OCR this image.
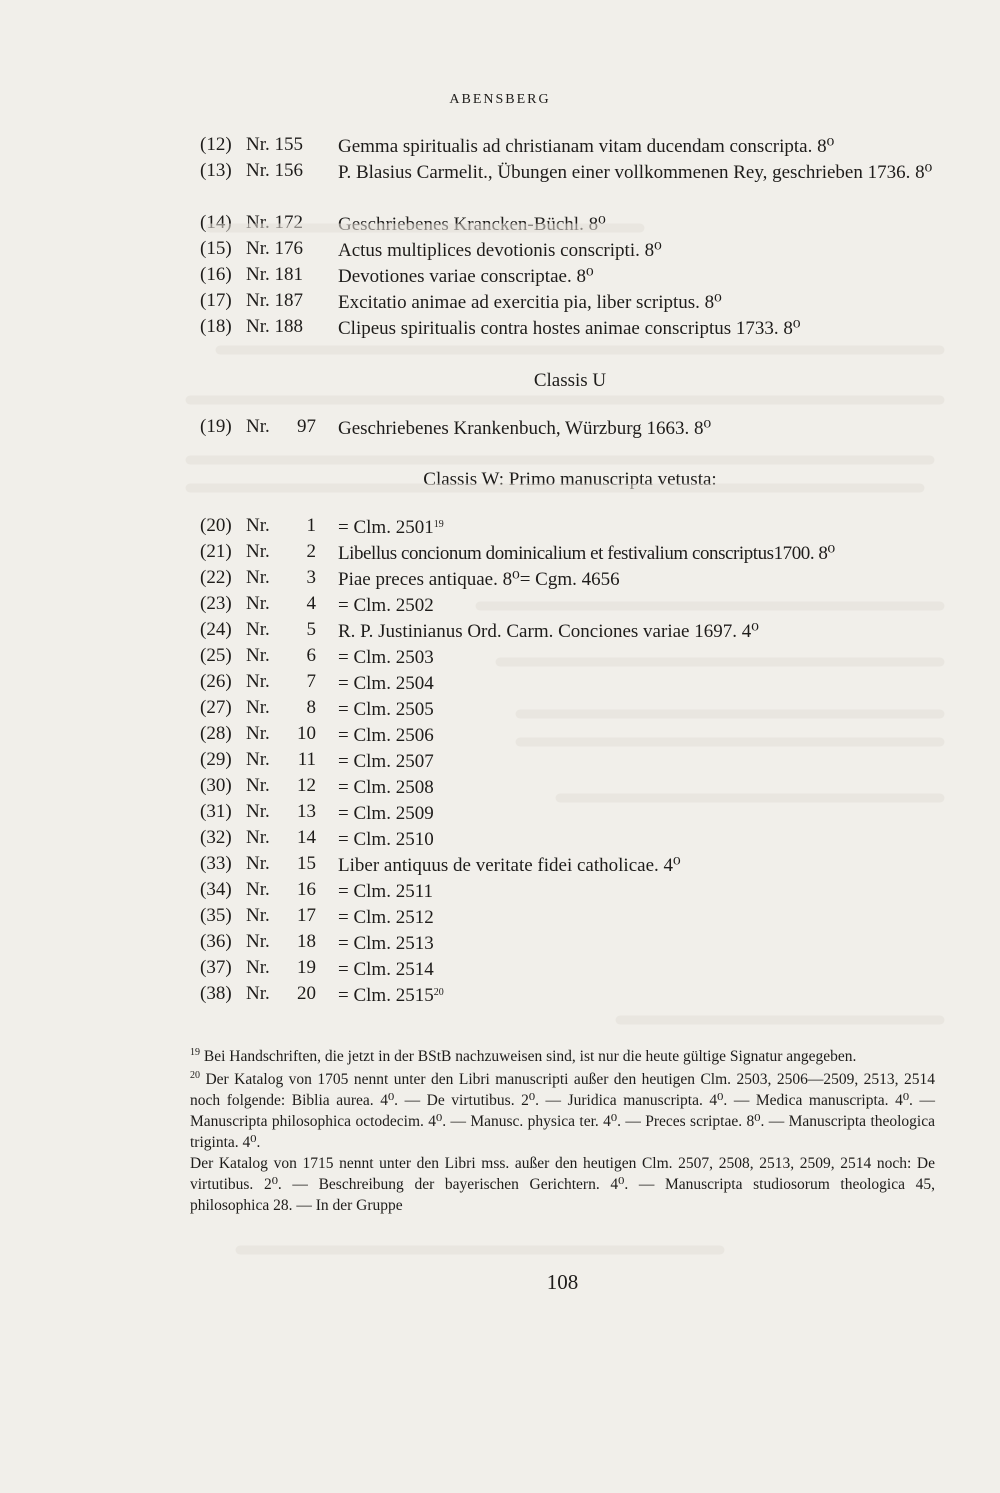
ABENSBERG
(12) Nr. 155 Gemma spiritualis ad christianam vitam ducendam conscripta. 8⁰
(13) Nr. 156 P. Blasius Carmelit., Übungen einer vollkommenen Rey, geschrieben 1736. 8⁰
(14) Nr. 172 Geschriebenes Krancken-Büchl. 8⁰
(15) Nr. 176 Actus multiplices devotionis conscripti. 8⁰
(16) Nr. 181 Devotiones variae conscriptae. 8⁰
(17) Nr. 187 Excitatio animae ad exercitia pia, liber scriptus. 8⁰
(18) Nr. 188 Clipeus spiritualis contra hostes animae conscriptus 1733. 8⁰
Classis U
(19) Nr.	97 Geschriebenes Krankenbuch, Würzburg 1663. 8⁰
Classis W: Primo manuscripta vetusta:
(20) Nr.	1 = Clm. 2501$^{19}$
(21) Nr.	2 Libellus concionum dominicalium et festivalium conscriptus1700. 8⁰
(22) Nr.	3 Piae preces antiquae. 8⁰= Cgm. 4656
(23) Nr.	4 = Clm. 2502
(24) Nr.	5 R. P. Justinianus Ord. Carm. Conciones variae 1697. 4⁰
(25) Nr.	6 = Clm. 2503
(26) Nr.	7 = Clm. 2504
(27) Nr.	8 = Clm. 2505
(28) Nr.	10 = Clm. 2506
(29) Nr.	11 = Clm. 2507
(30) Nr.	12 = Clm. 2508
(31) Nr.	13 = Clm. 2509
(32) Nr.	14 = Clm. 2510
(33) Nr.	15 Liber antiquus de veritate fidei catholicae. 4⁰
(34) Nr.	16 = Clm. 2511
(35) Nr.	17 = Clm. 2512
(36) Nr.	18 = Clm. 2513
(37) Nr.	19 = Clm. 2514
(38) Nr.	20 = Clm. 2515$^{20}$

$^{19}$ Bei Handschriften, die jetzt in der BStB nachzuweisen sind, ist nur die heute gültige Signatur angegeben.

$^{20}$ Der Katalog von 1705 nennt unter den Libri manuscripti außer den heutigen Clm. 2503, 2506—2509, 2513, 2514 noch folgende: Biblia aurea. 4⁰. — De virtutibus. 2⁰. — Juridica manuscripta. 4⁰. — Medica manuscripta. 4⁰. — Manuscripta philosophica octodecim. 4⁰. — Manusc. physica ter. 4⁰. — Preces scriptae. 8⁰. — Manuscripta theologica triginta. 4⁰.

Der Katalog von 1715 nennt unter den Libri mss. außer den heutigen Clm. 2507, 2508, 2513, 2509, 2514 noch: De virtutibus. 2⁰. — Beschreibung der bayerischen Gerichtern. 4⁰. — Manuscripta studiosorum theologica 45, philosophica 28. — In der Gruppe

108
